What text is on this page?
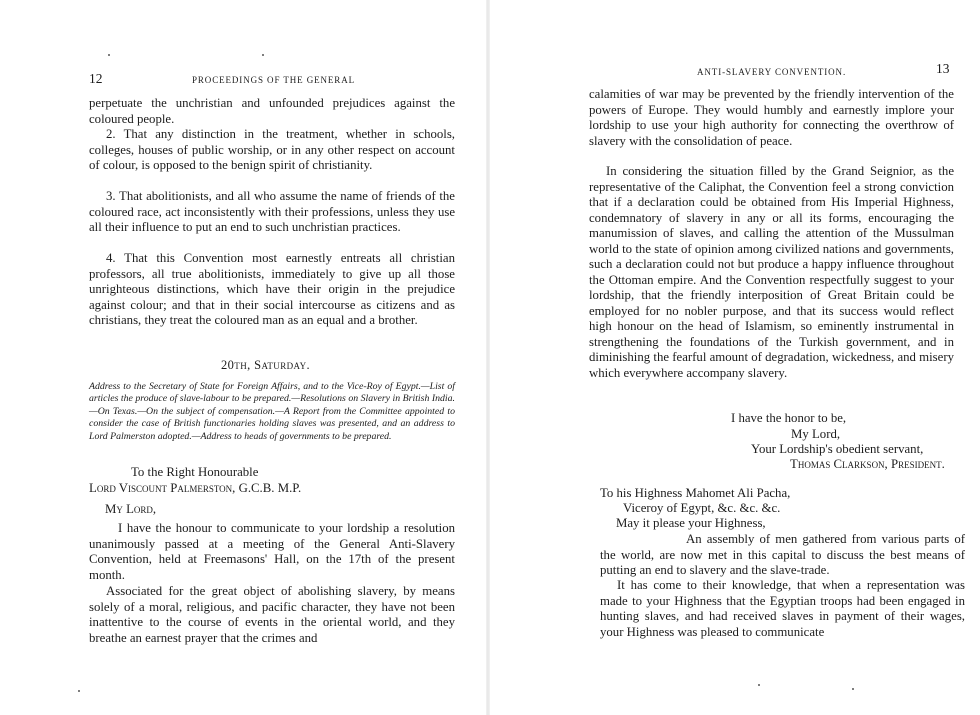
12	PROCEEDINGS OF THE GENERAL

perpetuate the unchristian and unfounded prejudices against the coloured people.

2. That any distinction in the treatment, whether in schools, colleges, houses of public worship, or in any other respect on account of colour, is opposed to the benign spirit of christianity.

3. That abolitionists, and all who assume the name of friends of the coloured race, act inconsistently with their professions, unless they use all their influence to put an end to such unchristian practices.

4. That this Convention most earnestly entreats all christian professors, all true abolitionists, immediately to give up all those unrighteous distinctions, which have their origin in the prejudice against colour; and that in their social intercourse as citizens and as christians, they treat the coloured man as an equal and a brother.

20th, Saturday.

Address to the Secretary of State for Foreign Affairs, and to the Vice-Roy of Egypt.—List of articles the produce of slave-labour to be prepared.—Resolutions on Slavery in British India.—On Texas.—On the subject of compensation.—A Report from the Committee appointed to consider the case of British functionaries holding slaves was presented, and an address to Lord Palmerston adopted.—Address to heads of governments to be prepared.

To the Right Honourable
Lord Viscount Palmerston, G.C.B. M.P.
My Lord,

I have the honour to communicate to your lordship a resolution unanimously passed at a meeting of the General Anti-Slavery Convention, held at Freemasons' Hall, on the 17th of the present month.

Associated for the great object of abolishing slavery, by means solely of a moral, religious, and pacific character, they have not been inattentive to the course of events in the oriental world, and they breathe an earnest prayer that the crimes and

ANTI-SLAVERY CONVENTION.	13

calamities of war may be prevented by the friendly intervention of the powers of Europe. They would humbly and earnestly implore your lordship to use your high authority for connecting the overthrow of slavery with the consolidation of peace.

In considering the situation filled by the Grand Seignior, as the representative of the Caliphat, the Convention feel a strong conviction that if a declaration could be obtained from His Imperial Highness, condemnatory of slavery in any or all its forms, encouraging the manumission of slaves, and calling the attention of the Mussulman world to the state of opinion among civilized nations and governments, such a declaration could not but produce a happy influence throughout the Ottoman empire. And the Convention respectfully suggest to your lordship, that the friendly interposition of Great Britain could be employed for no nobler purpose, and that its success would reflect high honour on the head of Islamism, so eminently instrumental in strengthening the foundations of the Turkish government, and in diminishing the fearful amount of degradation, wickedness, and misery which everywhere accompany slavery.

I have the honor to be,
My Lord,
Your Lordship's obedient servant,
Thomas Clarkson, President.
To his Highness Mahomet Ali Pacha,
Viceroy of Egypt, &c. &c. &c.
May it please your Highness,

An assembly of men gathered from various parts of the world, are now met in this capital to discuss the best means of putting an end to slavery and the slave-trade.

It has come to their knowledge, that when a representation was made to your Highness that the Egyptian troops had been engaged in hunting slaves, and had received slaves in payment of their wages, your Highness was pleased to communicate
